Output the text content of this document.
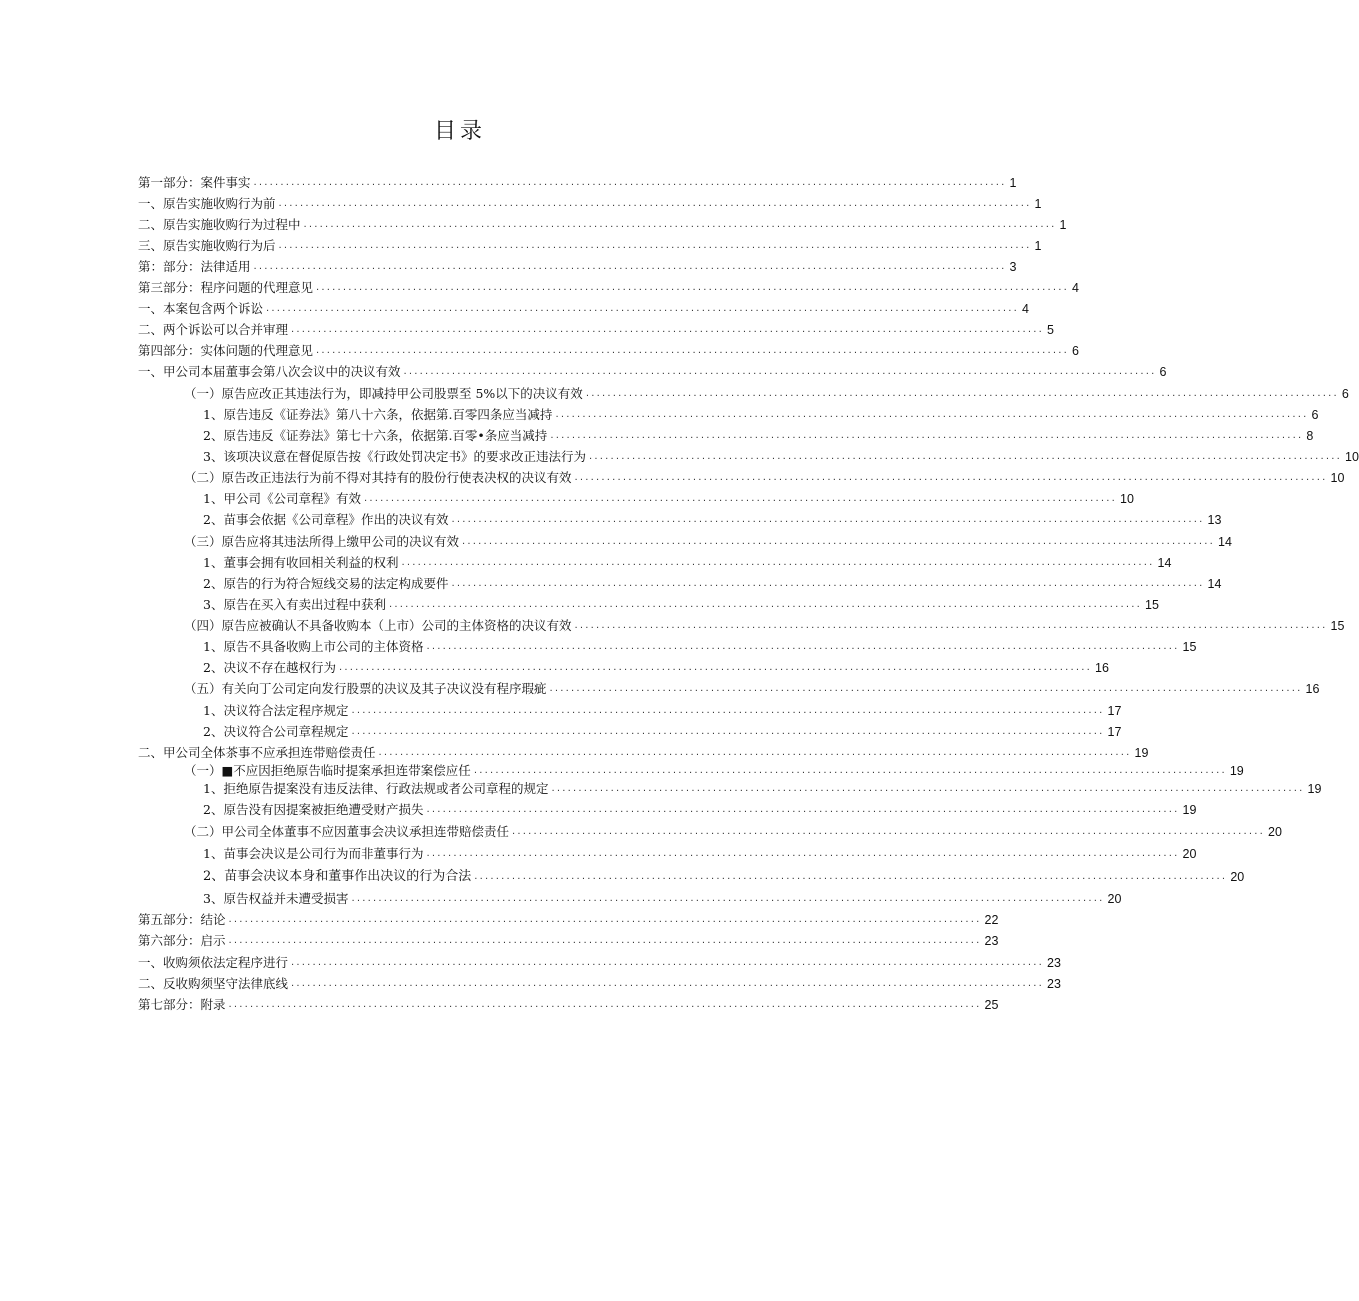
目录
第一部分：案件事实 ............................................................................................................................................ 1
一、原告实施收购行为前 ............................................................................................................................................ 1
二、原告实施收购行为过程中 ............................................................................................................................................ 1
三、原告实施收购行为后 ............................................................................................................................................ 1
第：部分：法律适用 ............................................................................................................................................ 3
第三部分：程序问题的代理意见 ............................................................................................................................................ 4
一、本案包含两个诉讼 ............................................................................................................................................ 4
二、两个诉讼可以合并审理 ............................................................................................................................................ 5
第四部分：实体问题的代理意见 ............................................................................................................................................ 6
一、甲公司本届董事会第八次会议中的决议有效 ............................................................................................................................................ 6
（一）原告应改正其违法行为，即减持甲公司股票至 5%以下的决议有效 ............................................................................................................................................ 6
1、原告违反《证券法》第八十六条，依据第.百零四条应当减持 ............................................................................................................................................ 6
2、原告违反《证券法》第七十六条，依据第.百零•条应当减持 ............................................................................................................................................ 8
3、该项决议意在督促原告按《行政处罚决定书》的要求改正违法行为 ............................................................................................................................................ 10
（二）原告改正违法行为前不得对其持有的股份行使表决权的决议有效 ............................................................................................................................................ 10
1、甲公司《公司章程》有效 ............................................................................................................................................ 10
2、苗事会依据《公司章程》作出的决议有效 ............................................................................................................................................ 13
（三）原告应将其违法所得上缴甲公司的决议有效 ............................................................................................................................................ 14
1、董事会拥有收回相关利益的权利 ............................................................................................................................................ 14
2、原告的行为符合短线交易的法定构成要件 ............................................................................................................................................ 14
3、原告在买入有卖出过程中获利 ............................................................................................................................................ 15
（四）原告应被确认不具备收购本（上市）公司的主体资格的决议有效 ............................................................................................................................................ 15
1、原告不具备收购上市公司的主体资格 ............................................................................................................................................ 15
2、决议不存在越权行为 ............................................................................................................................................ 16
（五）有关向丁公司定向发行股票的决议及其子决议没有程序瑕疵 ............................................................................................................................................ 16
1、决议符合法定程序规定 ............................................................................................................................................ 17
2、决议符合公司章程规定 ............................................................................................................................................ 17
二、甲公司全体茶事不应承担连带赔偿责任 ............................................................................................................................................ 19
（一）■不应因拒绝原告临时提案承担连带案偿应任 ............................................................................................................................................ 19
1、拒绝原告提案没有违反法律、行政法规或者公司章程的规定 ............................................................................................................................................ 19
2、原告没有因提案被拒绝遭受财产损失 ............................................................................................................................................ 19
（二）甲公司全体董事不应因董事会决议承担连带赔偿责任 ............................................................................................................................................ 20
1、苗事会决议是公司行为而非董事行为 ............................................................................................................................................ 20
2、苗事会决议本身和董事作出决议的行为合法 ............................................................................................................................................ 20
3、原告权益并未遭受损害 ............................................................................................................................................ 20
第五部分：结论 ............................................................................................................................................ 22
第六部分：启示 ............................................................................................................................................ 23
一、收购须依法定程序进行 ............................................................................................................................................ 23
二、反收购须坚守法律底线 ............................................................................................................................................ 23
第七部分：附录 ............................................................................................................................................ 25
